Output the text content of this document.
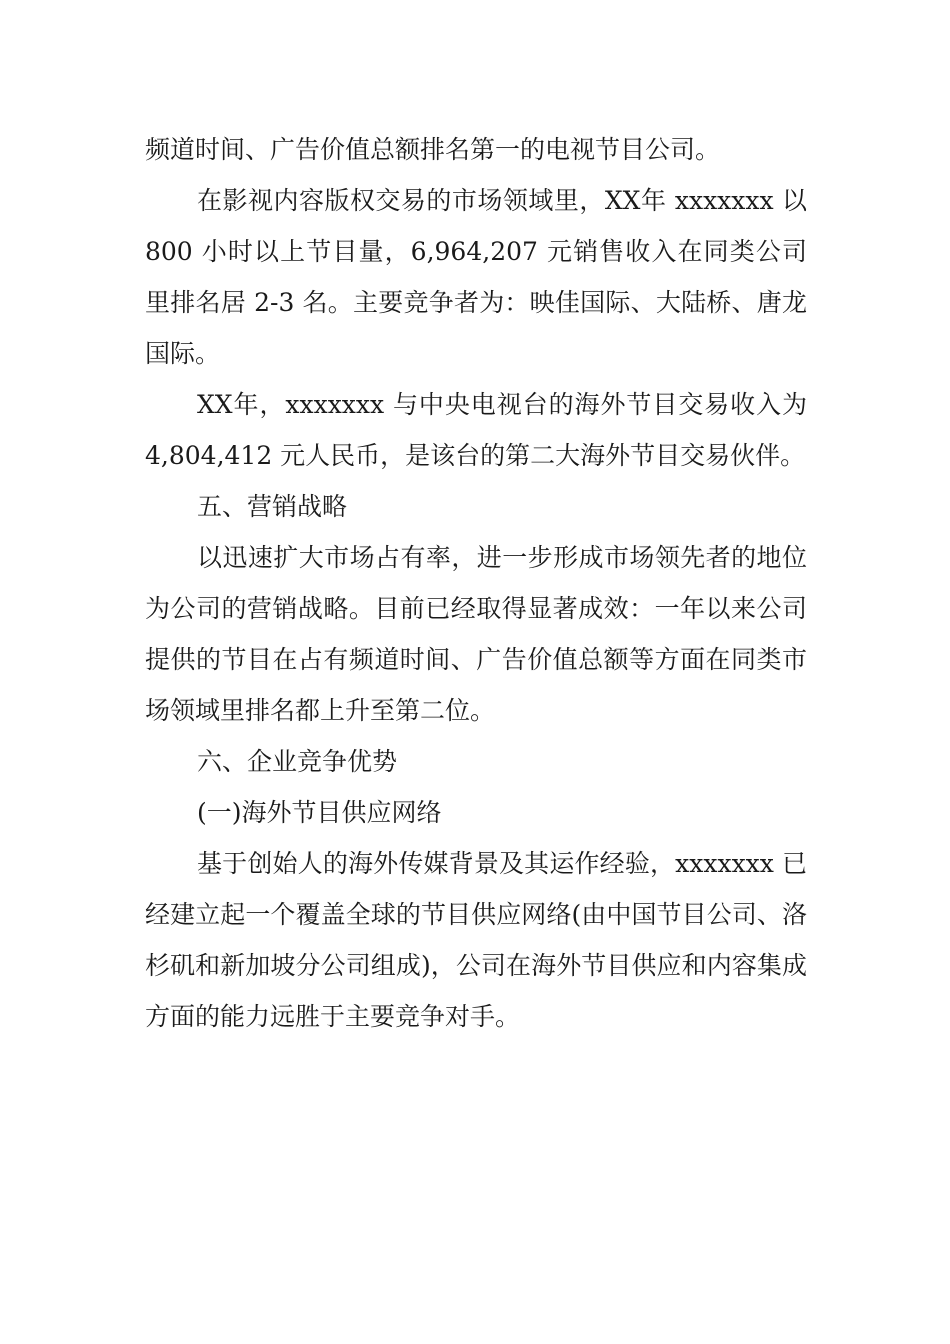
频道时间、广告价值总额排名第一的电视节目公司。

在影视内容版权交易的市场领域里，XX年 xxxxxxx 以 800 小时以上节目量，6,964,207 元销售收入在同类公司里排名居 2-3 名。主要竞争者为：映佳国际、大陆桥、唐龙国际。

XX年，xxxxxxx 与中央电视台的海外节目交易收入为 4,804,412 元人民币，是该台的第二大海外节目交易伙伴。

五、营销战略

以迅速扩大市场占有率，进一步形成市场领先者的地位为公司的营销战略。目前已经取得显著成效：一年以来公司提供的节目在占有频道时间、广告价值总额等方面在同类市场领域里排名都上升至第二位。

六、企业竞争优势

(一)海外节目供应网络

基于创始人的海外传媒背景及其运作经验，xxxxxxx 已经建立起一个覆盖全球的节目供应网络(由中国节目公司、洛杉矶和新加坡分公司组成)，公司在海外节目供应和内容集成方面的能力远胜于主要竞争对手。
